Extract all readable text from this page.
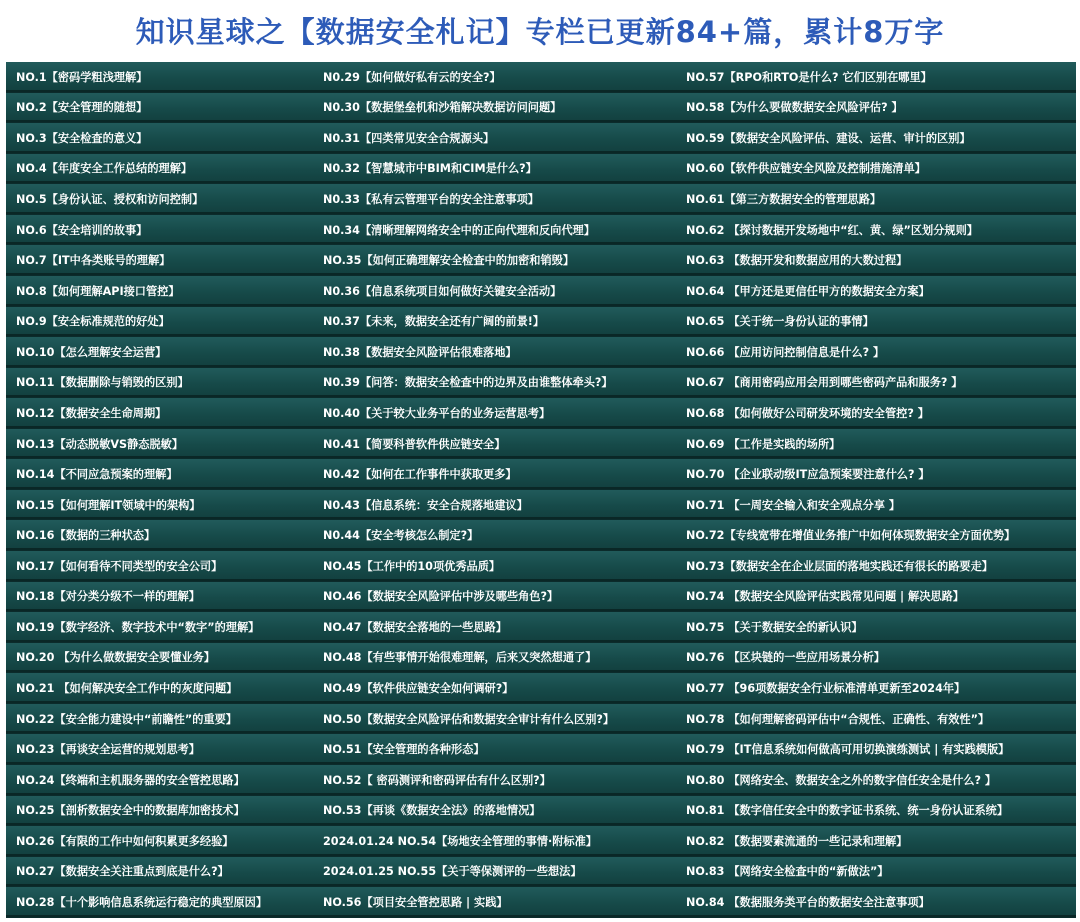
知识星球之【数据安全札记】专栏已更新84+篇，累计8万字
NO.1【密码学粗浅理解】	N0.29【如何做好私有云的安全?】	NO.57【RPO和RTO是什么? 它们区别在哪里】
NO.2【安全管理的随想】	N0.30【数据堡垒机和沙箱解决数据访问问题】	NO.58【为什么要做数据安全风险评估? 】
NO.3【安全检查的意义】	N0.31【四类常见安全合规源头】	NO.59【数据安全风险评估、建设、运营、审计的区别】
NO.4【年度安全工作总结的理解】	N0.32【智慧城市中BIM和CIM是什么?】	NO.60【软件供应链安全风险及控制措施清单】
NO.5【身份认证、授权和访问控制】	N0.33【私有云管理平台的安全注意事项】	NO.61【第三方数据安全的管理思路】
NO.6【安全培训的故事】	N0.34【清晰理解网络安全中的正向代理和反向代理】	NO.62 【探讨数据开发场地中“红、黄、绿”区划分规则】
NO.7【IT中各类账号的理解】	NO.35【如何正确理解安全检查中的加密和销毁】	NO.63 【数据开发和数据应用的大数过程】
NO.8【如何理解API接口管控】	N0.36【信息系统项目如何做好关键安全活动】	NO.64 【甲方还是更信任甲方的数据安全方案】
NO.9【安全标准规范的好处】	N0.37【未来，数据安全还有广阔的前景!】	NO.65 【关于统一身份认证的事情】
NO.10【怎么理解安全运营】	N0.38【数据安全风险评估很难落地】	NO.66 【应用访问控制信息是什么? 】
NO.11【数据删除与销毁的区别】	N0.39【问答：数据安全检查中的边界及由谁整体牵头?】	NO.67 【商用密码应用会用到哪些密码产品和服务? 】
NO.12【数据安全生命周期】	N0.40【关于较大业务平台的业务运营思考】	NO.68 【如何做好公司研发环境的安全管控? 】
NO.13【动态脱敏VS静态脱敏】	N0.41【简要科普软件供应链安全】	NO.69 【工作是实践的场所】
NO.14【不同应急预案的理解】	N0.42【如何在工作事件中获取更多】	NO.70 【企业联动级IT应急预案要注意什么? 】
NO.15【如何理解IT领域中的架构】	N0.43【信息系统：安全合规落地建议】	NO.71 【一周安全输入和安全观点分享 】
NO.16【数据的三种状态】	N0.44【安全考核怎么制定?】	NO.72【专线宽带在增值业务推广中如何体现数据安全方面优势】
NO.17【如何看待不同类型的安全公司】	NO.45【工作中的10项优秀品质】	NO.73【数据安全在企业层面的落地实践还有很长的路要走】
NO.18【对分类分级不一样的理解】	NO.46【数据安全风险评估中涉及哪些角色?】	NO.74 【数据安全风险评估实践常见问题 | 解决思路】
NO.19【数字经济、数字技术中“数字”的理解】	NO.47【数据安全落地的一些思路】	NO.75 【关于数据安全的新认识】
NO.20 【为什么做数据安全要懂业务】	NO.48【有些事情开始很难理解，后来又突然想通了】	NO.76 【区块链的一些应用场景分析】
NO.21 【如何解决安全工作中的灰度问题】	NO.49【软件供应链安全如何调研?】	NO.77 【96项数据安全行业标准清单更新至2024年】
NO.22【安全能力建设中“前瞻性”的重要】	NO.50【数据安全风险评估和数据安全审计有什么区别?】	NO.78 【如何理解密码评估中“合规性、正确性、有效性”】
NO.23【再谈安全运营的规划思考】	NO.51【安全管理的各种形态】	NO.79 【IT信息系统如何做高可用切换演练测试 | 有实践模版】
NO.24【终端和主机服务器的安全管控思路】	NO.52【 密码测评和密码评估有什么区别?】	NO.80 【网络安全、数据安全之外的数字信任安全是什么? 】
NO.25【剖析数据安全中的数据库加密技术】	NO.53【再谈《数据安全法》的落地情况】	NO.81 【数字信任安全中的数字证书系统、统一身份认证系统】
NO.26【有限的工作中如何积累更多经验】	2024.01.24 NO.54【场地安全管理的事情·附标准】	NO.82 【数据要素流通的一些记录和理解】
NO.27【数据安全关注重点到底是什么?】	2024.01.25 NO.55【关于等保测评的一些想法】	NO.83 【网络安全检查中的“新做法”】
NO.28【十个影响信息系统运行稳定的典型原因】	NO.56【项目安全管控思路 | 实践】	NO.84 【数据服务类平台的数据安全注意事项】
